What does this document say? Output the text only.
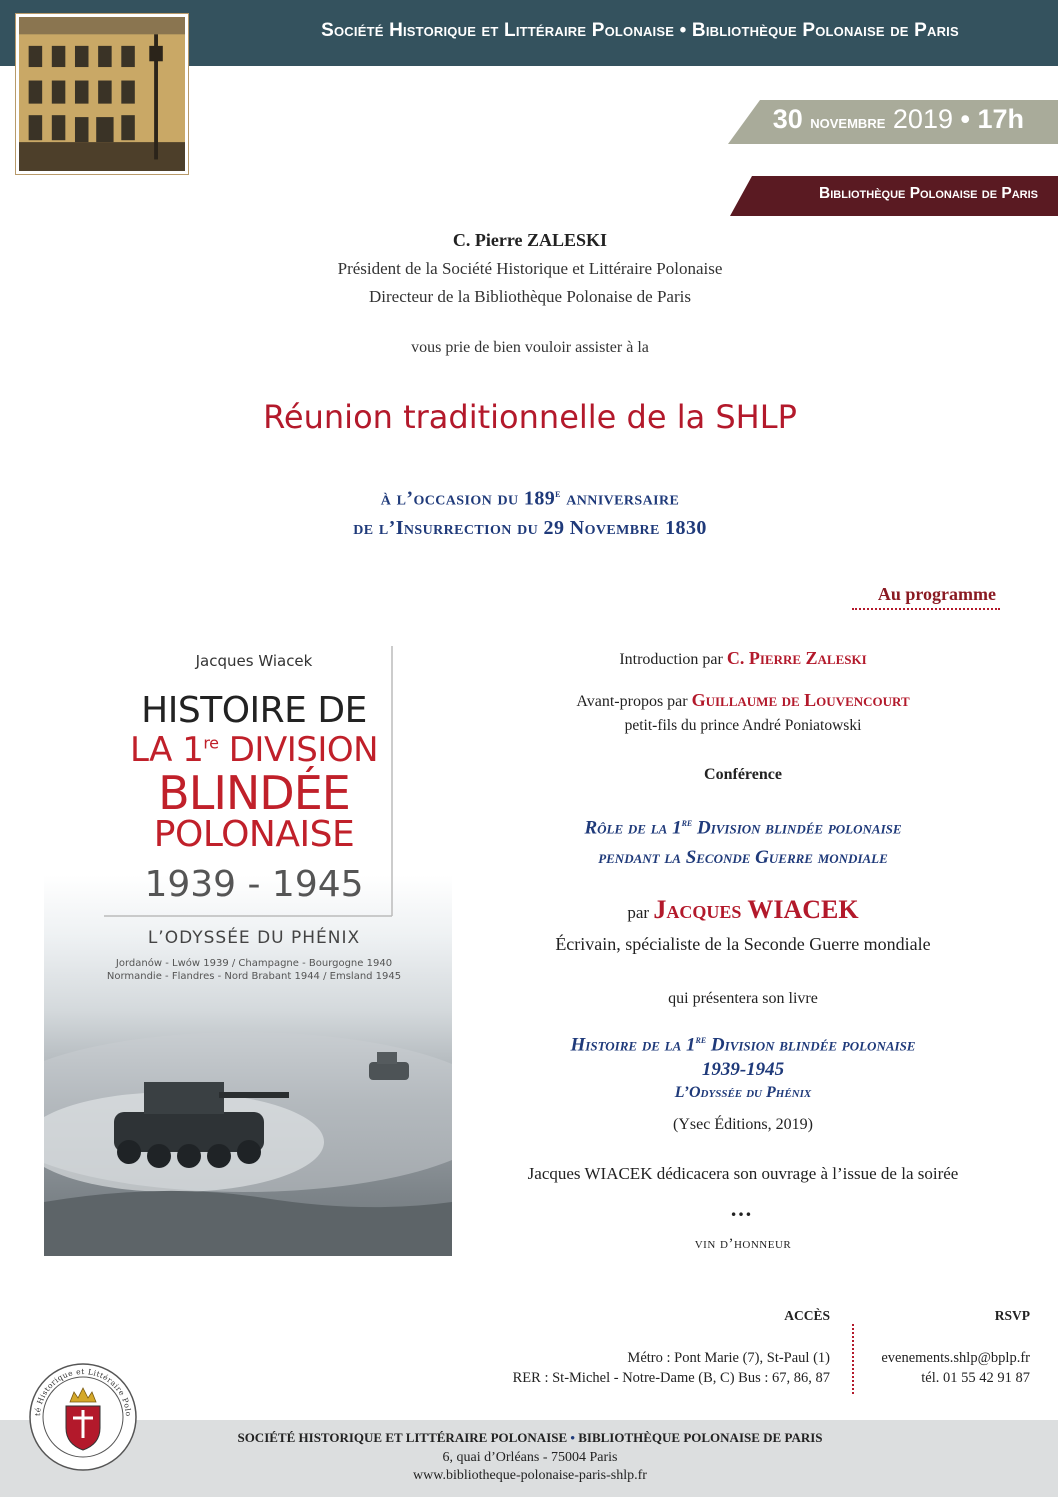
Société Historique et Littéraire Polonaise • Bibliothèque Polonaise de Paris
30 novembre 2019 • 17h
Bibliothèque Polonaise de Paris
C. Pierre ZALESKI
Président de la Société Historique et Littéraire Polonaise
Directeur de la Bibliothèque Polonaise de Paris
vous prie de bien vouloir assister à la
Réunion traditionnelle de la SHLP
à l’occasion du 189e anniversaire
de l’Insurrection du 29 Novembre 1830
Au programme
Jacques Wiacek
HISTOIRE DE
LA 1re DIVISION
BLINDÉE
POLONAISE
1939 - 1945
L’ODYSSÉE DU PHÉNIX
Jordanów - Lwów 1939 / Champagne - Bourgogne 1940
Normandie - Flandres - Nord Brabant 1944 / Emsland 1945
Introduction par C. Pierre Zaleski
Avant-propos par Guillaume de Louvencourt
petit-fils du prince André Poniatowski
Conférence
Rôle de la 1re Division blindée polonaise
pendant la Seconde Guerre mondiale
par Jacques WIACEK
Écrivain, spécialiste de la Seconde Guerre mondiale
qui présentera son livre
Histoire de la 1re Division blindée polonaise
1939-1945
L’Odyssée du Phénix
(Ysec Éditions, 2019)
Jacques WIACEK dédicacera son ouvrage à l’issue de la soirée
…
vin d’honneur
ACCÈS	RSVP
Métro : Pont Marie (7), St-Paul (1)
RER : St-Michel - Notre-Dame (B, C) Bus : 67, 86, 87
evenements.shlp@bplp.fr
tél. 01 55 42 91 87
SOCIÉTÉ HISTORIQUE ET LITTÉRAIRE POLONAISE • BIBLIOTHÈQUE POLONAISE DE PARIS
6, quai d’Orléans - 75004 Paris
www.bibliotheque-polonaise-paris-shlp.fr
té Historique et Littéraire Polo
